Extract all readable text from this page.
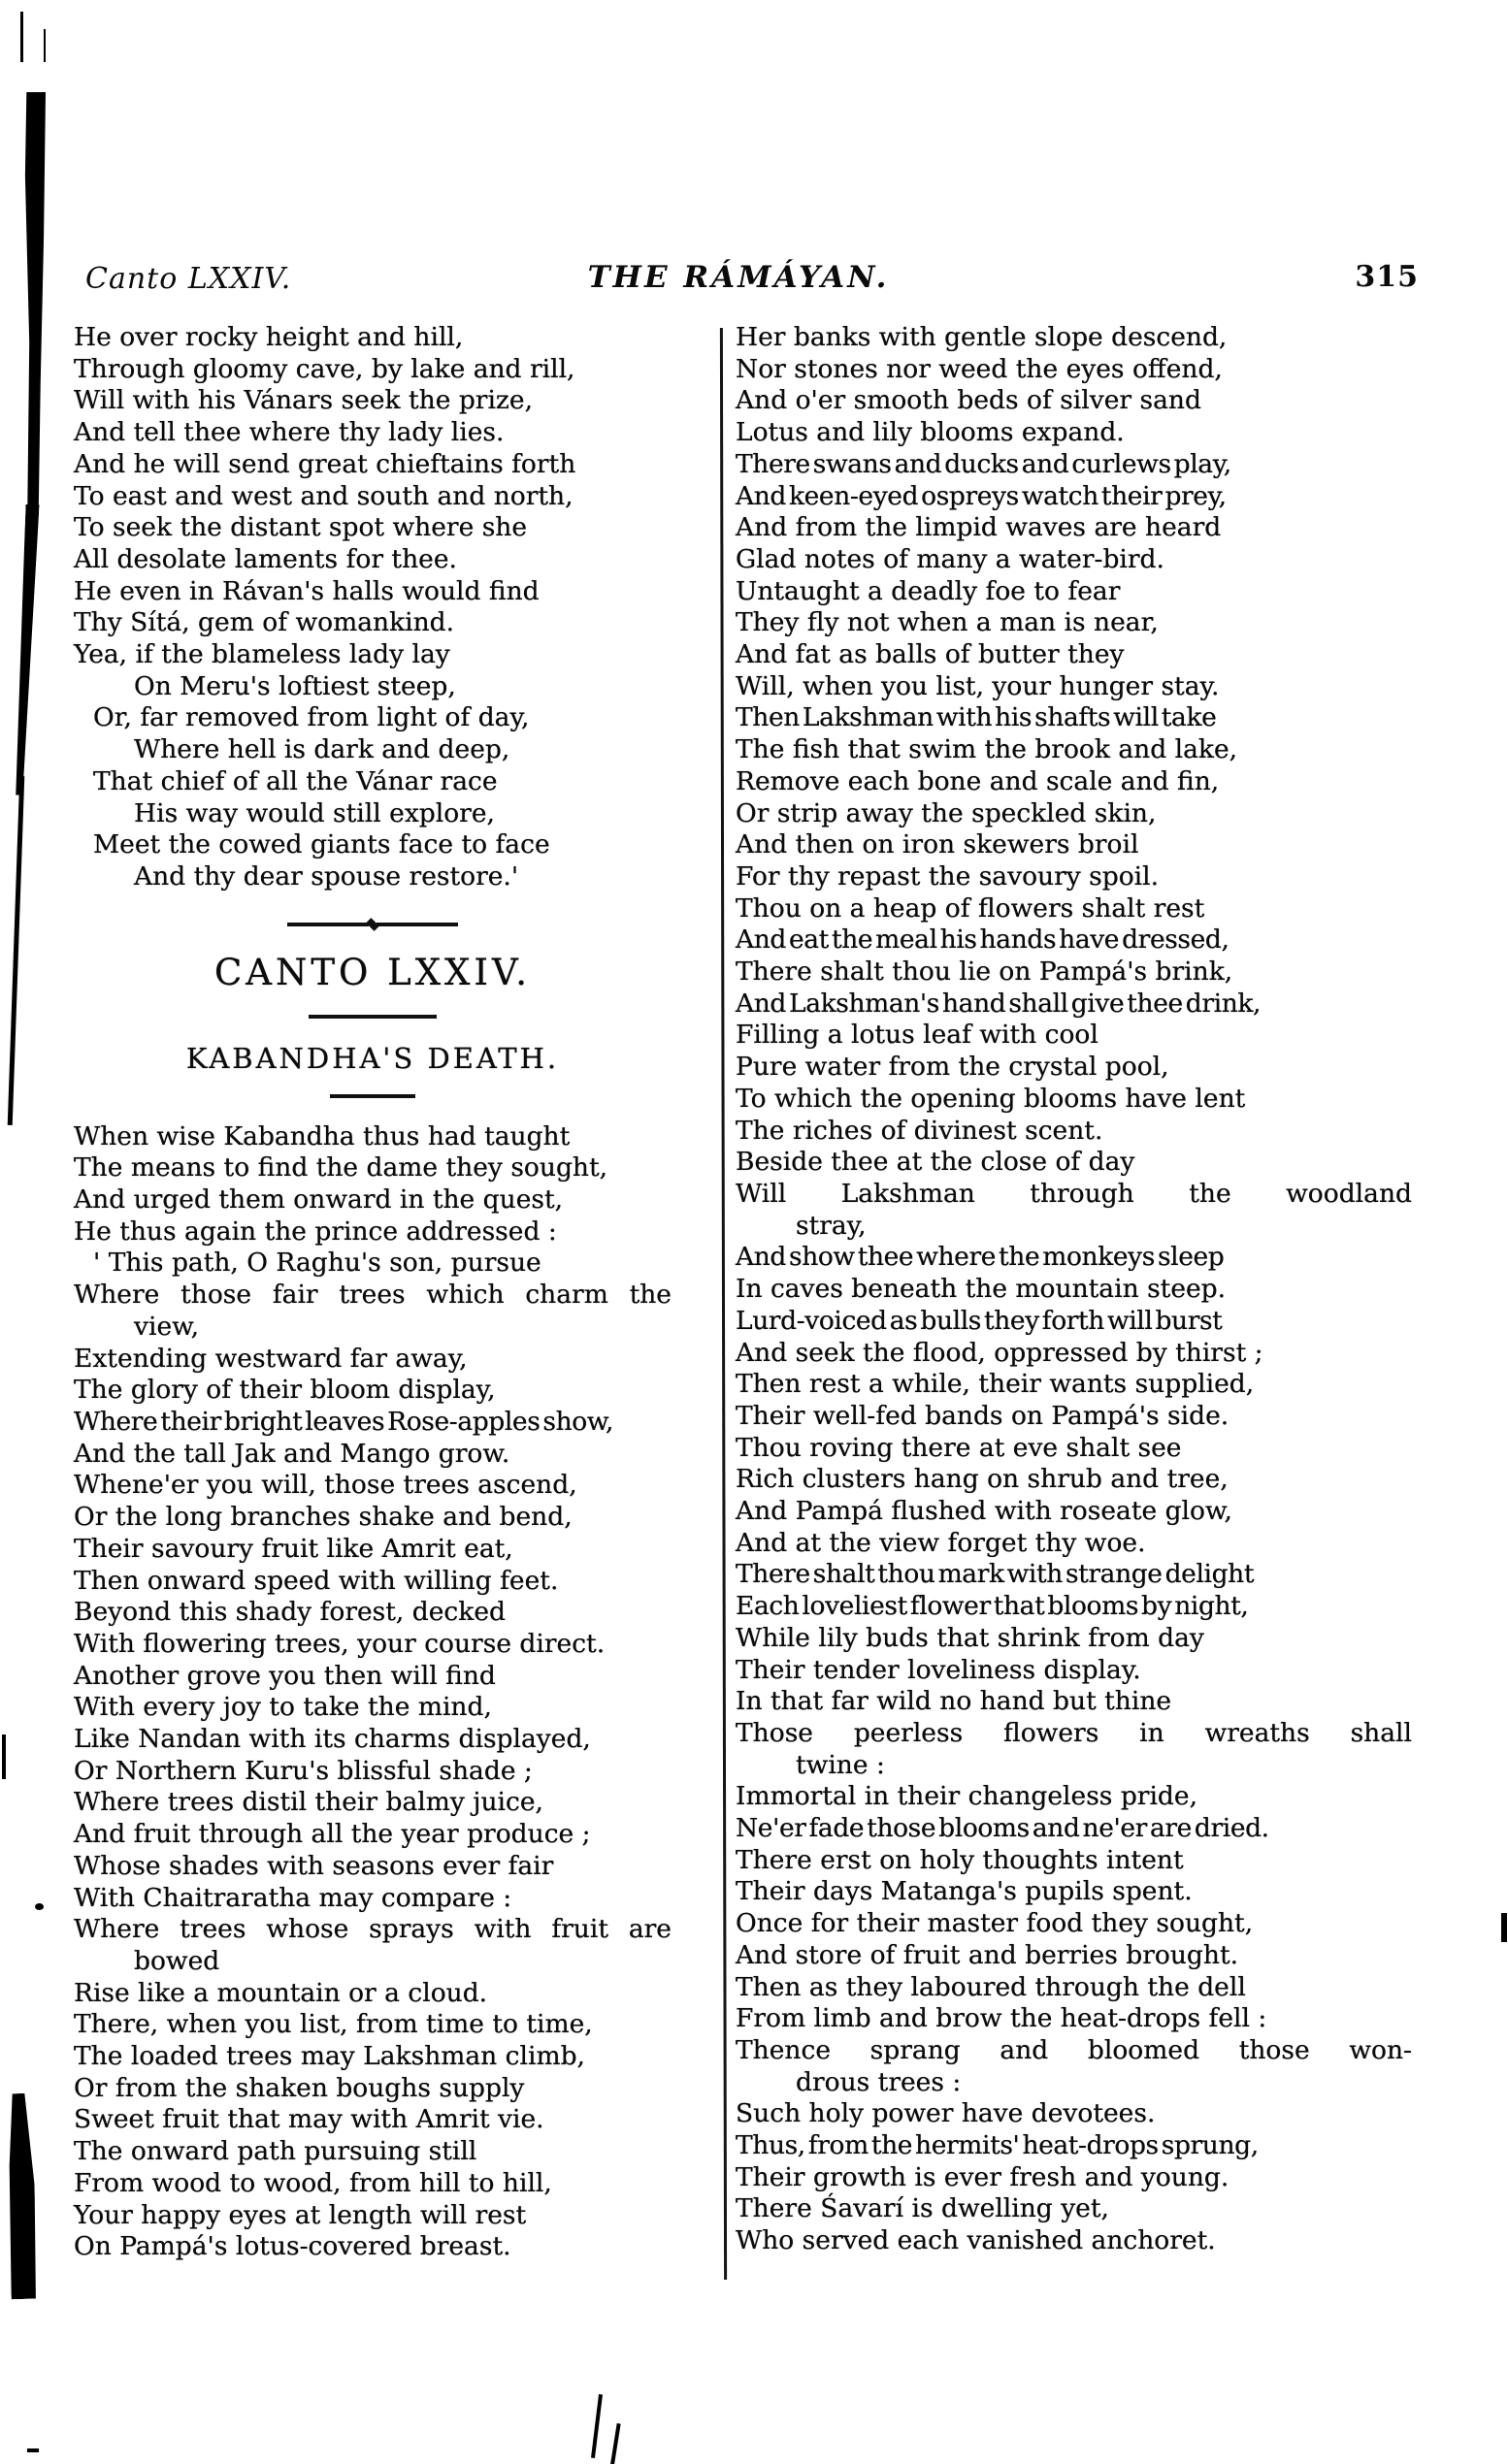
Canto LXXIV.	THE RÁMÁYAN.	315
He over rocky height and hill,
Through gloomy cave, by lake and rill,
Will with his Vánars seek the prize,
And tell thee where thy lady lies.
And he will send great chieftains forth
To east and west and south and north,
To seek the distant spot where she
All desolate laments for thee.
He even in Rávan's halls would find
Thy Sítá, gem of womankind.
Yea, if the blameless lady lay
On Meru's loftiest steep,
Or, far removed from light of day,
Where hell is dark and deep,
That chief of all the Vánar race
His way would still explore,
Meet the cowed giants face to face
And thy dear spouse restore.'
CANTO LXXIV.
KABANDHA'S DEATH.
When wise Kabandha thus had taught
The means to find the dame they sought,
And urged them onward in the quest,
He thus again the prince addressed :
' This path, O Raghu's son, pursue
Where those fair trees which charm the
view,
Extending westward far away,
The glory of their bloom display,
Where their bright leaves Rose-apples show,
And the tall Jak and Mango grow.
Whene'er you will, those trees ascend,
Or the long branches shake and bend,
Their savoury fruit like Amrit eat,
Then onward speed with willing feet.
Beyond this shady forest, decked
With flowering trees, your course direct.
Another grove you then will find
With every joy to take the mind,
Like Nandan with its charms displayed,
Or Northern Kuru's blissful shade ;
Where trees distil their balmy juice,
And fruit through all the year produce ;
Whose shades with seasons ever fair
With Chaitraratha may compare :
Where trees whose sprays with fruit are
bowed
Rise like a mountain or a cloud.
There, when you list, from time to time,
The loaded trees may Lakshman climb,
Or from the shaken boughs supply
Sweet fruit that may with Amrit vie.
The onward path pursuing still
From wood to wood, from hill to hill,
Your happy eyes at length will rest
On Pampá's lotus-covered breast.
Her banks with gentle slope descend,
Nor stones nor weed the eyes offend,
And o'er smooth beds of silver sand
Lotus and lily blooms expand.
There swans and ducks and curlews play,
And keen-eyed ospreys watch their prey,
And from the limpid waves are heard
Glad notes of many a water-bird.
Untaught a deadly foe to fear
They fly not when a man is near,
And fat as balls of butter they
Will, when you list, your hunger stay.
Then Lakshman with his shafts will take
The fish that swim the brook and lake,
Remove each bone and scale and fin,
Or strip away the speckled skin,
And then on iron skewers broil
For thy repast the savoury spoil.
Thou on a heap of flowers shalt rest
And eat the meal his hands have dressed,
There shalt thou lie on Pampá's brink,
And Lakshman's hand shall give thee drink,
Filling a lotus leaf with cool
Pure water from the crystal pool,
To which the opening blooms have lent
The riches of divinest scent.
Beside thee at the close of day
Will Lakshman through the woodland
stray,
And show thee where the monkeys sleep
In caves beneath the mountain steep.
Lurd-voiced as bulls they forth will burst
And seek the flood, oppressed by thirst ;
Then rest a while, their wants supplied,
Their well-fed bands on Pampá's side.
Thou roving there at eve shalt see
Rich clusters hang on shrub and tree,
And Pampá flushed with roseate glow,
And at the view forget thy woe.
There shalt thou mark with strange delight
Each loveliest flower that blooms by night,
While lily buds that shrink from day
Their tender loveliness display.
In that far wild no hand but thine
Those peerless flowers in wreaths shall
twine :
Immortal in their changeless pride,
Ne'er fade those blooms and ne'er are dried.
There erst on holy thoughts intent
Their days Matanga's pupils spent.
Once for their master food they sought,
And store of fruit and berries brought.
Then as they laboured through the dell
From limb and brow the heat-drops fell :
Thence sprang and bloomed those won-
drous trees :
Such holy power have devotees.
Thus, from the hermits' heat-drops sprung,
Their growth is ever fresh and young.
There Śavarí is dwelling yet,
Who served each vanished anchoret.
